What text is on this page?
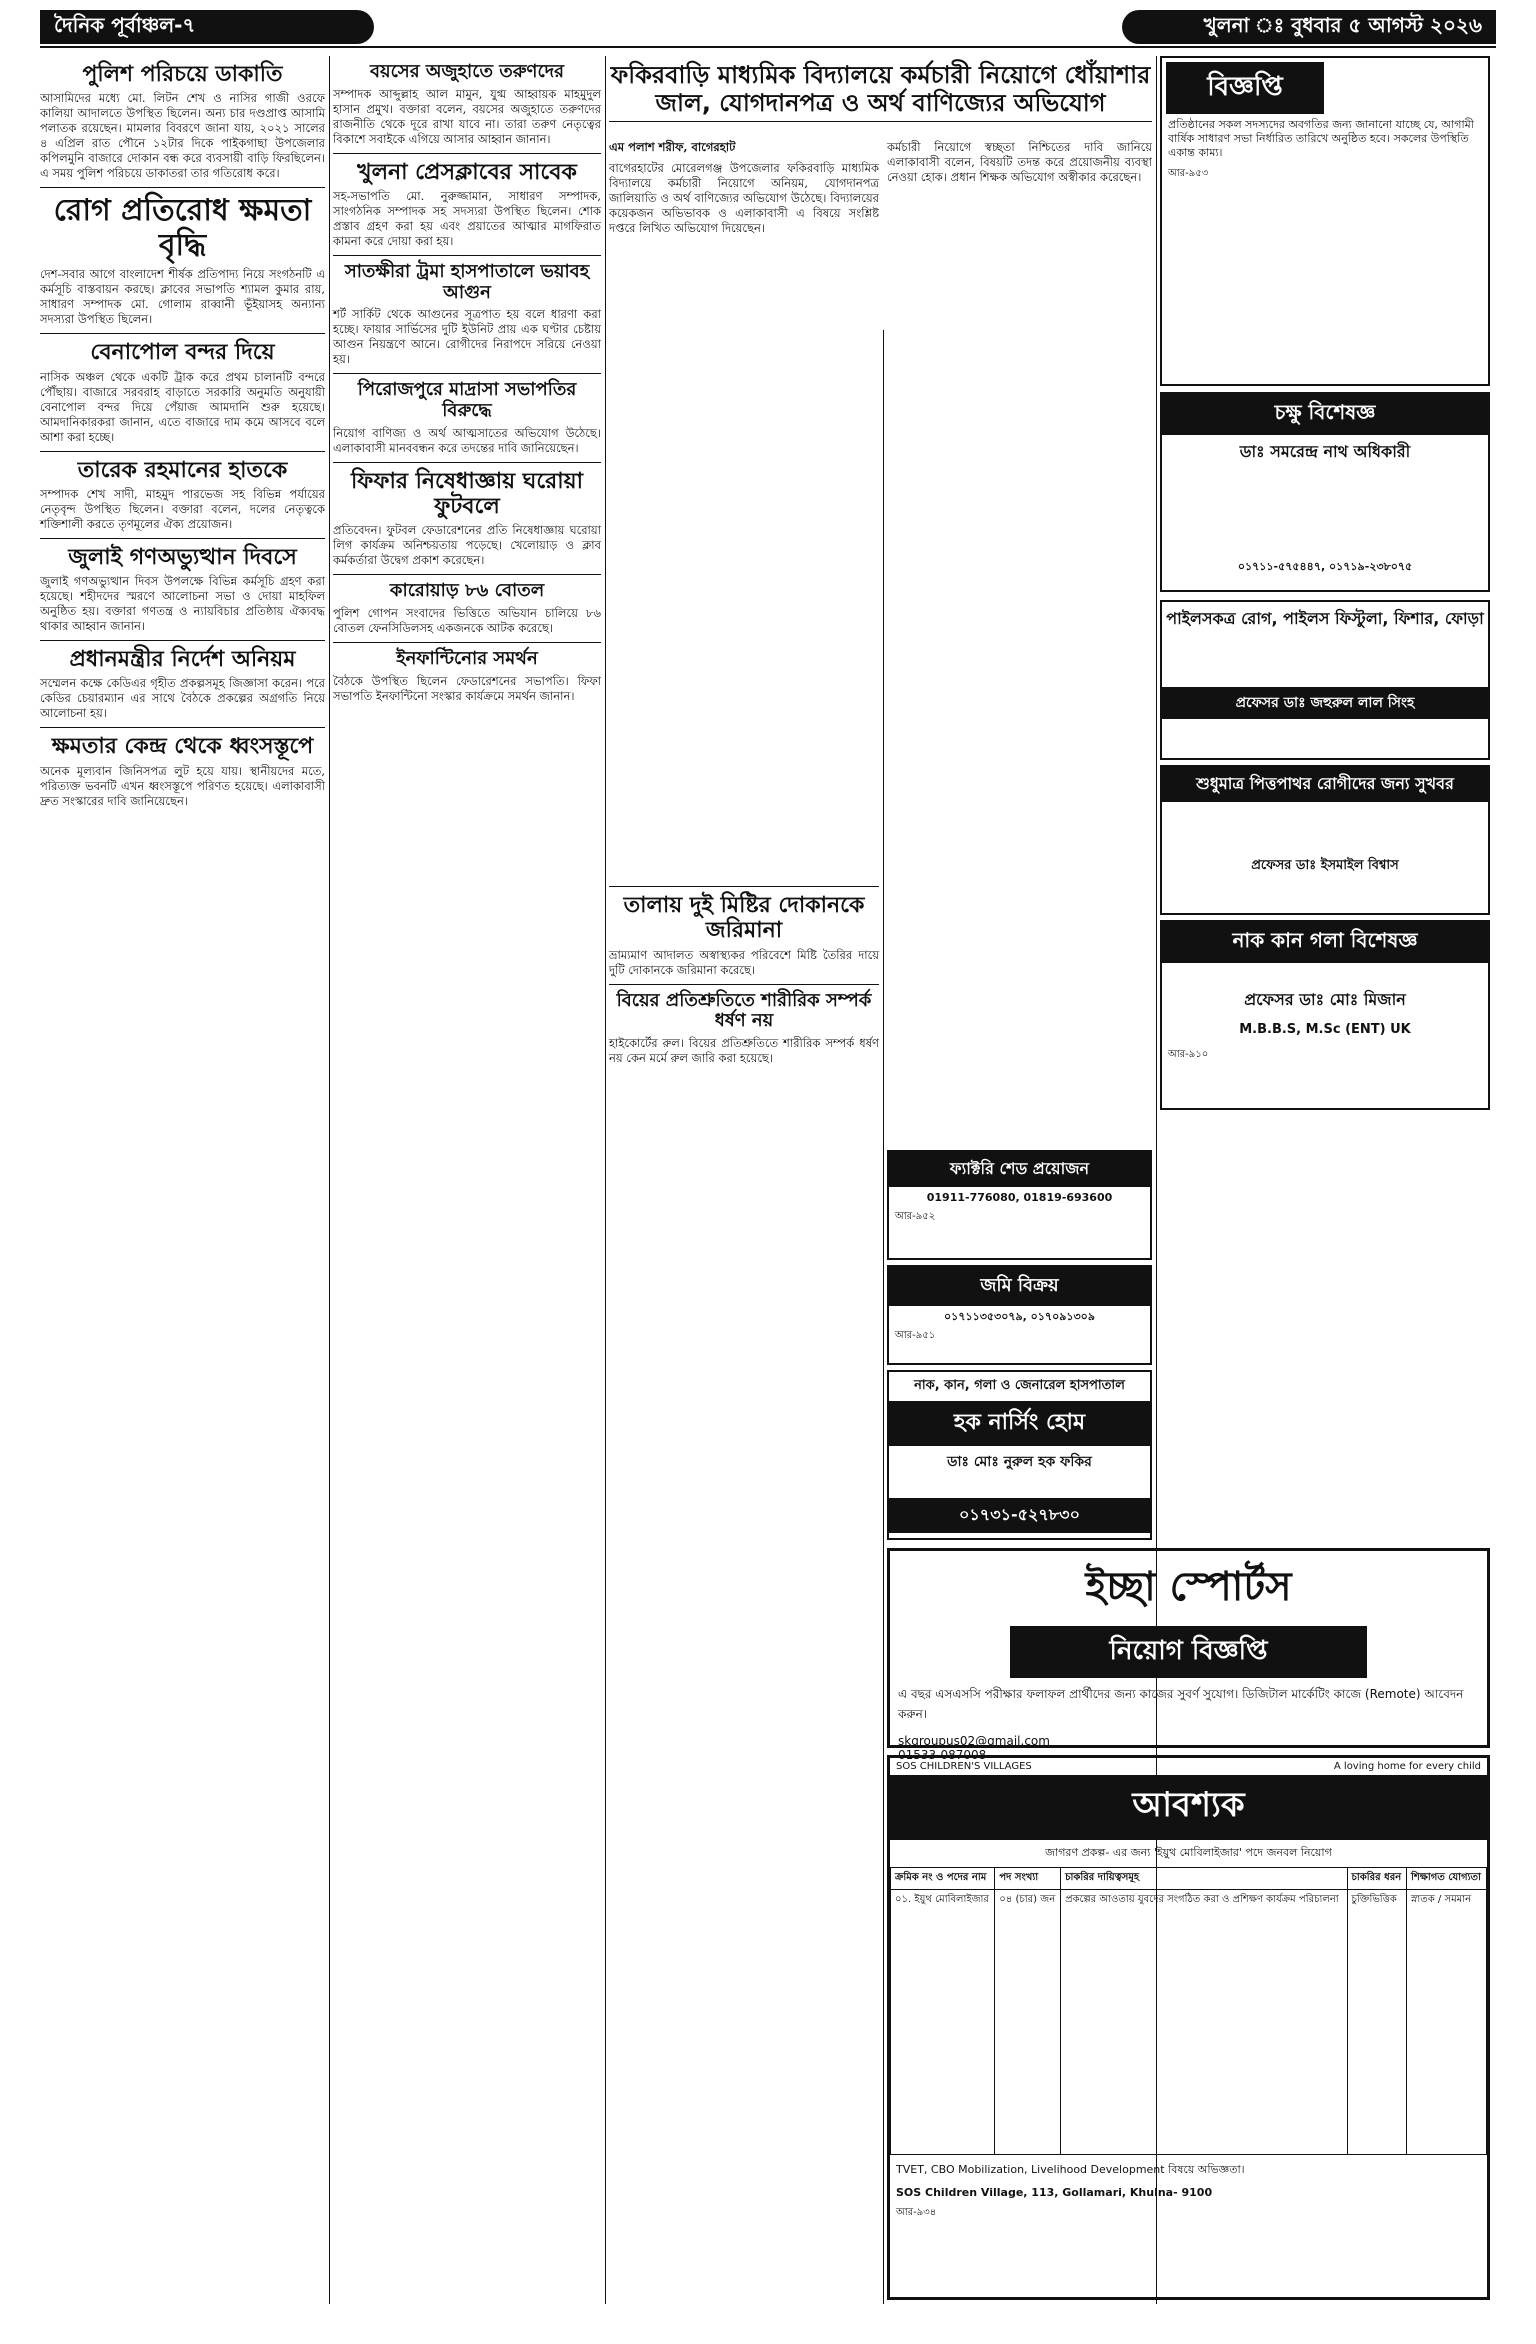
দৈনিক পূর্বাঞ্চল-৭	খুলনা ঃ বুধবার ৫ আগস্ট ২০২৬
পুলিশ পরিচয়ে ডাকাতি

আসামিদের মধ্যে মো. লিটন শেখ ও নাসির গাজী ওরফে কালিয়া আদালতে উপস্থিত ছিলেন। অন্য চার দণ্ডপ্রাপ্ত আসামি পলাতক রয়েছেন। মামলার বিবরণে জানা যায়, ২০২১ সালের ৪ এপ্রিল রাত পৌনে ১২টার দিকে পাইকগাছা উপজেলার কপিলমুনি বাজারে দোকান বন্ধ করে ব্যবসায়ী বাড়ি ফিরছিলেন। এ সময় পুলিশ পরিচয়ে ডাকাতরা তার গতিরোধ করে।

রোগ প্রতিরোধ ক্ষমতা বৃদ্ধি

দেশ-সবার আগে বাংলাদেশ শীর্ষক প্রতিপাদ্য নিয়ে সংগঠনটি এ কর্মসূচি বাস্তবায়ন করছে। ক্লাবের সভাপতি শ্যামল কুমার রায়, সাধারণ সম্পাদক মো. গোলাম রাব্বানী ভূঁইয়াসহ অন্যান্য সদস্যরা উপস্থিত ছিলেন।

বেনাপোল বন্দর দিয়ে

নাসিক অঞ্চল থেকে একটি ট্রাক করে প্রথম চালানটি বন্দরে পৌঁছায়। বাজারে সরবরাহ বাড়াতে সরকারি অনুমতি অনুযায়ী বেনাপোল বন্দর দিয়ে পেঁয়াজ আমদানি শুরু হয়েছে। আমদানিকারকরা জানান, এতে বাজারে দাম কমে আসবে বলে আশা করা হচ্ছে।

তারেক রহমানের হাতকে

সম্পাদক শেখ সাদী, মাহমুদ পারভেজ সহ বিভিন্ন পর্যায়ের নেতৃবৃন্দ উপস্থিত ছিলেন। বক্তারা বলেন, দলের নেতৃত্বকে শক্তিশালী করতে তৃণমূলের ঐক্য প্রয়োজন।

জুলাই গণঅভ্যুত্থান দিবসে

জুলাই গণঅভ্যুত্থান দিবস উপলক্ষে বিভিন্ন কর্মসূচি গ্রহণ করা হয়েছে। শহীদদের স্মরণে আলোচনা সভা ও দোয়া মাহফিল অনুষ্ঠিত হয়। বক্তারা গণতন্ত্র ও ন্যায়বিচার প্রতিষ্ঠায় ঐক্যবদ্ধ থাকার আহ্বান জানান।

প্রধানমন্ত্রীর নির্দেশ অনিয়ম

সম্মেলন কক্ষে কেডিএর গৃহীত প্রকল্পসমূহ জিজ্ঞাসা করেন। পরে কেডির চেয়ারম্যান এর সাথে বৈঠকে প্রকল্পের অগ্রগতি নিয়ে আলোচনা হয়।

ক্ষমতার কেন্দ্র থেকে ধ্বংসস্তূপে

অনেক মূল্যবান জিনিসপত্র লুট হয়ে যায়। স্থানীয়দের মতে, পরিত্যক্ত ভবনটি এখন ধ্বংসস্তূপে পরিণত হয়েছে। এলাকাবাসী দ্রুত সংস্কারের দাবি জানিয়েছেন।

বয়সের অজুহাতে তরুণদের

সম্পাদক আব্দুল্লাহ আল মামুন, যুগ্ম আহ্বায়ক মাহমুদুল হাসান প্রমুখ। বক্তারা বলেন, বয়সের অজুহাতে তরুণদের রাজনীতি থেকে দূরে রাখা যাবে না। তারা তরুণ নেতৃত্বের বিকাশে সবাইকে এগিয়ে আসার আহ্বান জানান।

খুলনা প্রেসক্লাবের সাবেক

সহ-সভাপতি মো. নুরুজ্জামান, সাধারণ সম্পাদক, সাংগঠনিক সম্পাদক সহ সদস্যরা উপস্থিত ছিলেন। শোক প্রস্তাব গ্রহণ করা হয় এবং প্রয়াতের আত্মার মাগফিরাত কামনা করে দোয়া করা হয়।

সাতক্ষীরা ট্রমা হাসপাতালে ভয়াবহ আগুন

শর্ট সার্কিট থেকে আগুনের সূত্রপাত হয় বলে ধারণা করা হচ্ছে। ফায়ার সার্ভিসের দুটি ইউনিট প্রায় এক ঘণ্টার চেষ্টায় আগুন নিয়ন্ত্রণে আনে। রোগীদের নিরাপদে সরিয়ে নেওয়া হয়।

পিরোজপুরে মাদ্রাসা সভাপতির বিরুদ্ধে

নিয়োগ বাণিজ্য ও অর্থ আত্মসাতের অভিযোগ উঠেছে। এলাকাবাসী মানববন্ধন করে তদন্তের দাবি জানিয়েছেন।

ফিফার নিষেধাজ্ঞায় ঘরোয়া ফুটবলে

প্রতিবেদন। ফুটবল ফেডারেশনের প্রতি নিষেধাজ্ঞায় ঘরোয়া লিগ কার্যক্রম অনিশ্চয়তায় পড়েছে। খেলোয়াড় ও ক্লাব কর্মকর্তারা উদ্বেগ প্রকাশ করেছেন।

কারোয়াড় ৮৬ বোতল

পুলিশ গোপন সংবাদের ভিত্তিতে অভিযান চালিয়ে ৮৬ বোতল ফেনসিডিলসহ একজনকে আটক করেছে।

ইনফান্টিনোর সমর্থন

বৈঠকে উপস্থিত ছিলেন ফেডারেশনের সভাপতি। ফিফা সভাপতি ইনফান্টিনো সংস্কার কার্যক্রমে সমর্থন জানান।

ফকিরবাড়ি মাধ্যমিক বিদ্যালয়ে কর্মচারী নিয়োগে ধোঁয়াশার জাল, যোগদানপত্র ও অর্থ বাণিজ্যের অভিযোগ

এম পলাশ শরীফ, বাগেরহাট

বাগেরহাটের মোরেলগঞ্জ উপজেলার ফকিরবাড়ি মাধ্যমিক বিদ্যালয়ে কর্মচারী নিয়োগে অনিয়ম, যোগদানপত্র জালিয়াতি ও অর্থ বাণিজ্যের অভিযোগ উঠেছে। বিদ্যালয়ের কয়েকজন অভিভাবক ও এলাকাবাসী এ বিষয়ে সংশ্লিষ্ট দপ্তরে লিখিত অভিযোগ দিয়েছেন।

তালায় দুই মিষ্টির দোকানকে জরিমানা

ভ্রাম্যমাণ আদালত অস্বাস্থ্যকর পরিবেশে মিষ্টি তৈরির দায়ে দুটি দোকানকে জরিমানা করেছে।

বিয়ের প্রতিশ্রুতিতে শারীরিক সম্পর্ক ধর্ষণ নয়

হাইকোর্টের রুল। বিয়ের প্রতিশ্রুতিতে শারীরিক সম্পর্ক ধর্ষণ নয় কেন মর্মে রুল জারি করা হয়েছে।

কর্মচারী নিয়োগে স্বচ্ছতা নিশ্চিতের দাবি জানিয়ে এলাকাবাসী বলেন, বিষয়টি তদন্ত করে প্রয়োজনীয় ব্যবস্থা নেওয়া হোক। প্রধান শিক্ষক অভিযোগ অস্বীকার করেছেন।

ফ্যাক্টরি শেড প্রয়োজন

01911-776080, 01819-693600

আর-৯৫২
জমি বিক্রয়

০১৭১১৩৫৩০৭৯, ০১৭০৯১৩০৯

আর-৯৫১
নাক, কান, গলা ও জেনারেল হাসপাতাল
হক নার্সিং হোম
ডাঃ মোঃ নুরুল হক ফকির
০১৭৩১-৫২৭৮৩০
বিজ্ঞপ্তি

প্রতিষ্ঠানের সকল সদস্যদের অবগতির জন্য জানানো যাচ্ছে যে, আগামী বার্ষিক সাধারণ সভা নির্ধারিত তারিখে অনুষ্ঠিত হবে। সকলের উপস্থিতি একান্ত কাম্য।

আর-৯৫৩
চক্ষু বিশেষজ্ঞ
ডাঃ সমরেন্দ্র নাথ অধিকারী

০১৭১১-৫৭৫৪৪৭, ০১৭১৯-২৩৮০৭৫

পাইলসকত্র রোগ, পাইলস ফিস্টুলা, ফিশার, ফোড়া
প্রফেসর ডাঃ জহুরুল লাল সিংহ
শুধুমাত্র পিত্তপাথর রোগীদের জন্য সুখবর
প্রফেসর ডাঃ ইসমাইল বিশ্বাস
নাক কান গলা বিশেষজ্ঞ
প্রফেসর ডাঃ মোঃ মিজান
M.B.B.S, M.Sc (ENT) UK
আর-৯১০
ইচ্ছা স্পোর্টস
নিয়োগ বিজ্ঞপ্তি

এ বছর এসএসসি পরীক্ষার ফলাফল প্রার্থীদের জন্য কাজের সুবর্ণ সুযোগ। ডিজিটাল মার্কেটিং কাজে (Remote) আবেদন করুন।

skgroupus02@gmail.com

01533-087008

SOS CHILDREN'S VILLAGES	A loving home for every child
আবশ্যক
জাগরণ প্রকল্প- এর জন্য 'ইয়ুথ মোবিলাইজার' পদে জনবল নিয়োগ
ক্রমিক নং ও পদের নাম	পদ সংখ্যা	চাকরির দায়িত্বসমূহ	চাকরির ধরন	শিক্ষাগত যোগ্যতা
০১. ইয়ুথ মোবিলাইজার	০৪ (চার) জন	প্রকল্পের আওতায় যুবদের সংগঠিত করা ও প্রশিক্ষণ কার্যক্রম পরিচালনা	চুক্তিভিত্তিক	স্নাতক / সমমান

TVET, CBO Mobilization, Livelihood Development বিষয়ে অভিজ্ঞতা।

SOS Children Village, 113, Gollamari, Khulna- 9100

আর-৯৩৪
